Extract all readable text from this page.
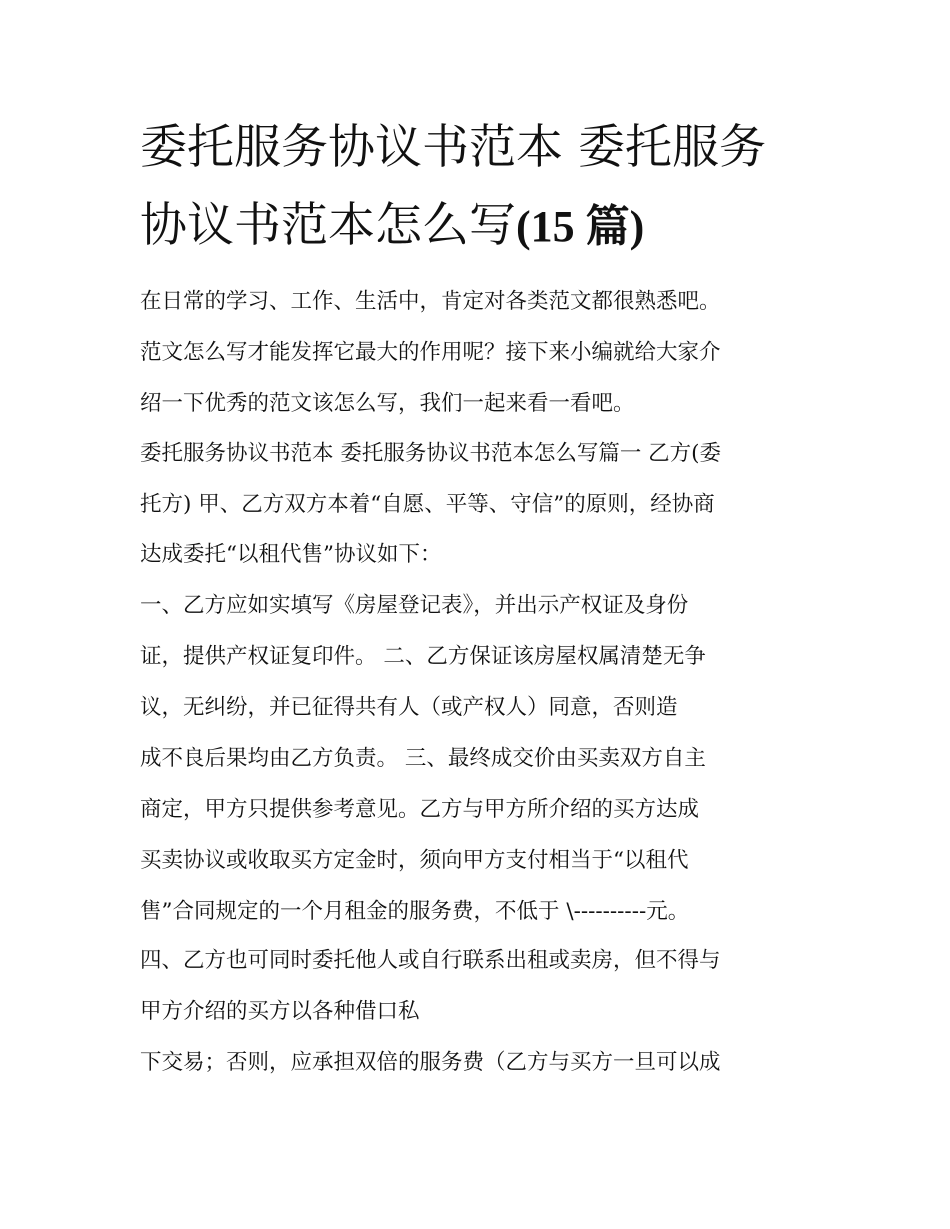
委托服务协议书范本 委托服务
协议书范本怎么写(15 篇)
在日常的学习、工作、生活中，肯定对各类范文都很熟悉吧。
范文怎么写才能发挥它最大的作用呢？接下来小编就给大家介
绍一下优秀的范文该怎么写，我们一起来看一看吧。
委托服务协议书范本 委托服务协议书范本怎么写篇一 乙方(委
托方) 甲、乙方双方本着“自愿、平等、守信”的原则，经协商
达成委托“以租代售”协议如下：
一、乙方应如实填写《房屋登记表》，并出示产权证及身份
证，提供产权证复印件。 二、乙方保证该房屋权属清楚无争
议，无纠纷，并已征得共有人（或产权人）同意，否则造
成不良后果均由乙方负责。 三、最终成交价由买卖双方自主
商定，甲方只提供参考意见。乙方与甲方所介绍的买方达成
买卖协议或收取买方定金时，须向甲方支付相当于“以租代
售”合同规定的一个月租金的服务费，不低于 \----------元。
四、乙方也可同时委托他人或自行联系出租或卖房，但不得与
甲方介绍的买方以各种借口私
下交易；否则，应承担双倍的服务费（乙方与买方一旦可以成
